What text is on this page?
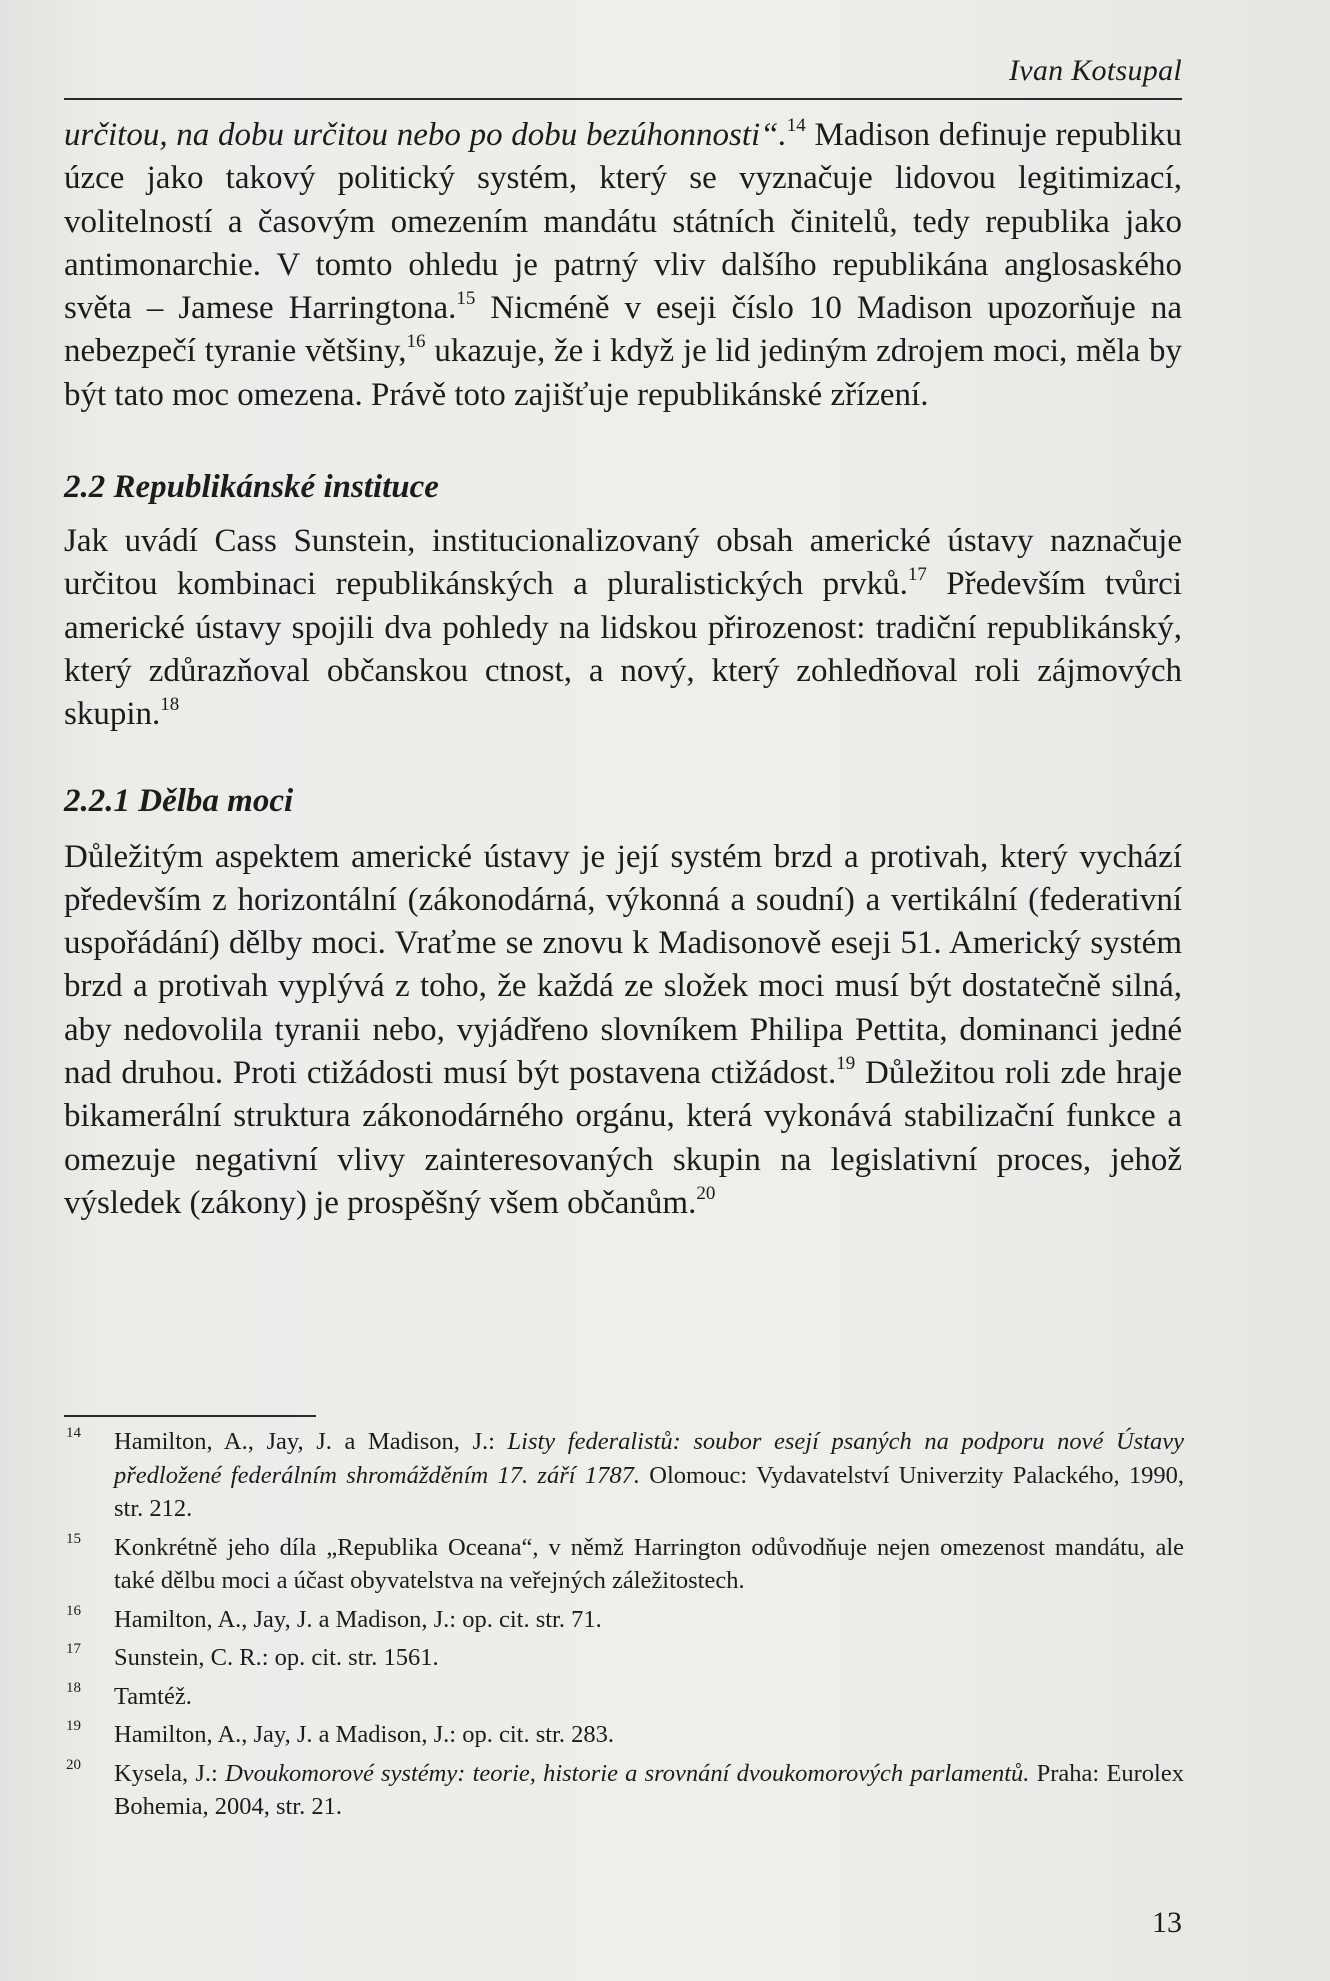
Ivan Kotsupal

určitou, na dobu určitou nebo po dobu bezúhonnosti“.$^{14}$ Madison definuje republiku úzce jako takový politický systém, který se vyznačuje lidovou legitimizací, volitelností a časovým omezením mandátu státních činitelů, tedy republika jako antimonarchie. V tomto ohledu je patrný vliv dalšího republikána anglosaského světa – Jamese Harringtona.$^{15}$ Nicméně v eseji číslo 10 Madison upozorňuje na nebezpečí tyranie většiny,$^{16}$ ukazuje, že i když je lid jediným zdrojem moci, měla by být tato moc omezena. Právě toto zajišťuje republikánské zřízení.

2.2 Republikánské instituce

Jak uvádí Cass Sunstein, institucionalizovaný obsah americké ústavy naznačuje určitou kombinaci republikánských a pluralistických prvků.$^{17}$ Především tvůrci americké ústavy spojili dva pohledy na lidskou přirozenost: tradiční republikánský, který zdůrazňoval občanskou ctnost, a nový, který zohledňoval roli zájmových skupin.$^{18}$

2.2.1 Dělba moci

Důležitým aspektem americké ústavy je její systém brzd a protivah, který vychází především z horizontální (zákonodárná, výkonná a soudní) a vertikální (federativní uspořádání) dělby moci. Vraťme se znovu k Madisonově eseji 51. Americký systém brzd a protivah vyplývá z toho, že každá ze složek moci musí být dostatečně silná, aby nedovolila tyranii nebo, vyjádřeno slovníkem Philipa Pettita, dominanci jedné nad druhou. Proti ctižádosti musí být postavena ctižádost.$^{19}$ Důležitou roli zde hraje bikamerální struktura zákonodárného orgánu, která vykonává stabilizační funkce a omezuje negativní vlivy zainteresovaných skupin na legislativní proces, jehož výsledek (zákony) je prospěšný všem občanům.$^{20}$

14 Hamilton, A., Jay, J. a Madison, J.: Listy federalistů: soubor esejí psaných na podporu nové Ústavy předložené federálním shromážděním 17. září 1787. Olomouc: Vydavatelství Univerzity Palackého, 1990, str. 212.
15 Konkrétně jeho díla „Republika Oceana“, v němž Harrington odůvodňuje nejen omezenost mandátu, ale také dělbu moci a účast obyvatelstva na veřejných záležitostech.
16 Hamilton, A., Jay, J. a Madison, J.: op. cit. str. 71.
17 Sunstein, C. R.: op. cit. str. 1561.
18 Tamtéž.
19 Hamilton, A., Jay, J. a Madison, J.: op. cit. str. 283.
20 Kysela, J.: Dvoukomorové systémy: teorie, historie a srovnání dvoukomorových parlamentů. Praha: Eurolex Bohemia, 2004, str. 21.
13
